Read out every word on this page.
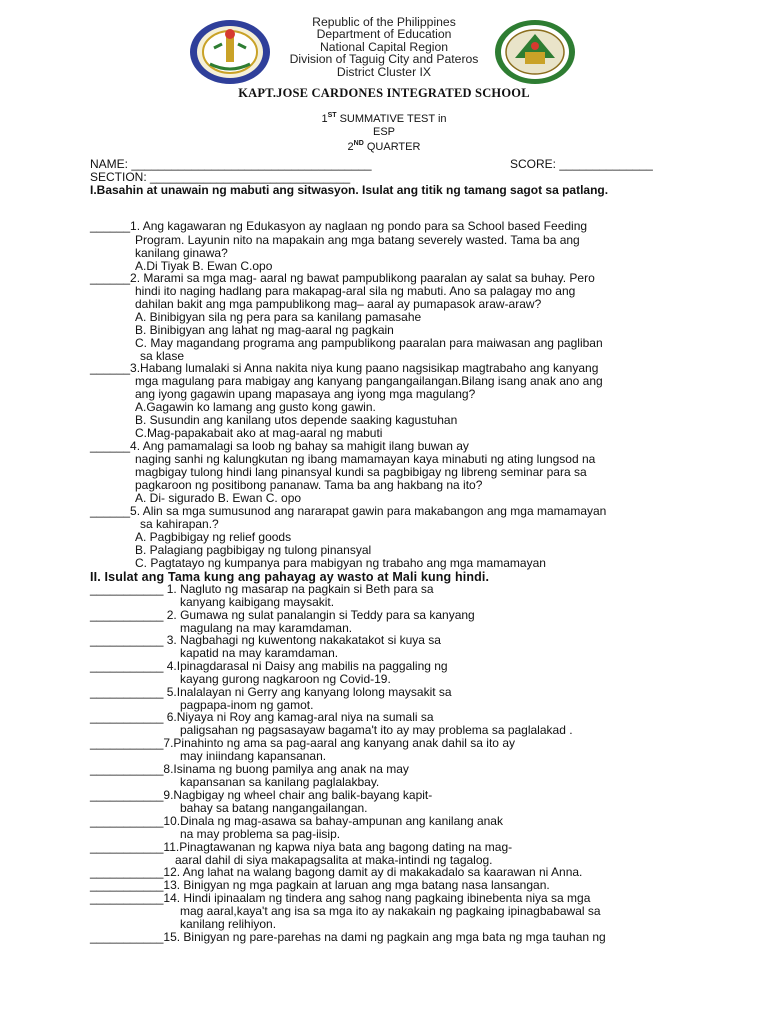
Republic of the Philippines
Department of Education
National Capital Region
Division of Taguig City and Pateros
District Cluster IX
KAPT.JOSE CARDONES INTEGRATED SCHOOL
1ST SUMMATIVE TEST in
ESP
2ND QUARTER
NAME: ____________________________________	SCORE: ______________
SECTION: ______________________________
I.Basahin at unawain ng mabuti ang sitwasyon. Isulat ang titik ng tamang sagot sa patlang.
______1. Ang kagawaran ng Edukasyon ay naglaan ng pondo para sa School based Feeding
Program. Layunin nito na mapakain ang mga batang severely wasted. Tama ba ang
kanilang ginawa?
A.Di Tiyak B. Ewan C.opo
______2. Marami sa mga mag- aaral ng bawat pampublikong paaralan ay salat sa buhay. Pero
hindi ito naging hadlang para makapag-aral sila ng mabuti. Ano sa palagay mo ang
dahilan bakit ang mga pampublikong mag– aaral ay pumapasok araw-araw?
A. Binibigyan sila ng pera para sa kanilang pamasahe
B. Binibigyan ang lahat ng mag-aaral ng pagkain
C. May magandang programa ang pampublikong paaralan para maiwasan ang pagliban
sa klase
______3.Habang lumalaki si Anna nakita niya kung paano nagsisikap magtrabaho ang kanyang
mga magulang para mabigay ang kanyang pangangailangan.Bilang isang anak ano ang
ang iyong gagawin upang mapasaya ang iyong mga magulang?
A.Gagawin ko lamang ang gusto kong gawin.
B. Susundin ang kanilang utos depende saaking kagustuhan
C.Mag-papakabait ako at mag-aaral ng mabuti
______4. Ang pamamalagi sa loob ng bahay sa mahigit ilang buwan ay
naging sanhi ng kalungkutan ng ibang mamamayan kaya minabuti ng ating lungsod na
magbigay tulong hindi lang pinansyal kundi sa pagbibigay ng libreng seminar para sa
pagkaroon ng positibong pananaw. Tama ba ang hakbang na ito?
A. Di- sigurado B. Ewan C. opo
______5. Alin sa mga sumusunod ang nararapat gawin para makabangon ang mga mamamayan
sa kahirapan.?
A. Pagbibigay ng relief goods
B. Palagiang pagbibigay ng tulong pinansyal
C. Pagtatayo ng kumpanya para mabigyan ng trabaho ang mga mamamayan
II. Isulat ang Tama kung ang pahayag ay wasto at Mali kung hindi.
___________ 1. Nagluto ng masarap na pagkain si Beth para sa
kanyang kaibigang maysakit.
___________ 2. Gumawa ng sulat panalangin si Teddy para sa kanyang
magulang na may karamdaman.
___________ 3. Nagbahagi ng kuwentong nakakatakot si kuya sa
kapatid na may karamdaman.
___________ 4.Ipinagdarasal ni Daisy ang mabilis na paggaling ng
kayang gurong nagkaroon ng Covid-19.
___________ 5.Inalalayan ni Gerry ang kanyang lolong maysakit sa
pagpapa-inom ng gamot.
___________ 6.Niyaya ni Roy ang kamag-aral niya na sumali sa
paligsahan ng pagsasayaw bagama't ito ay may problema sa paglalakad .
___________7.Pinahinto ng ama sa pag-aaral ang kanyang anak dahil sa ito ay
may iniindang kapansanan.
___________8.Isinama ng buong pamilya ang anak na may
kapansanan sa kanilang paglalakbay.
___________9.Nagbigay ng wheel chair ang balik-bayang kapit-
bahay sa batang nangangailangan.
___________10.Dinala ng mag-asawa sa bahay-ampunan ang kanilang anak
na may problema sa pag-iisip.
___________11.Pinagtawanan ng kapwa niya bata ang bagong dating na mag-
aaral dahil di siya makapagsalita at maka-intindi ng tagalog.
___________12. Ang lahat na walang bagong damit ay di makakadalo sa kaarawan ni Anna.
___________13. Binigyan ng mga pagkain at laruan ang mga batang nasa lansangan.
___________14. Hindi ipinaalam ng tindera ang sahog nang pagkaing ibinebenta niya sa mga
mag aaral,kaya't ang isa sa mga ito ay nakakain ng pagkaing ipinagbabawal sa
kanilang relihiyon.
___________15. Binigyan ng pare-parehas na dami ng pagkain ang mga bata ng mga tauhan ng
